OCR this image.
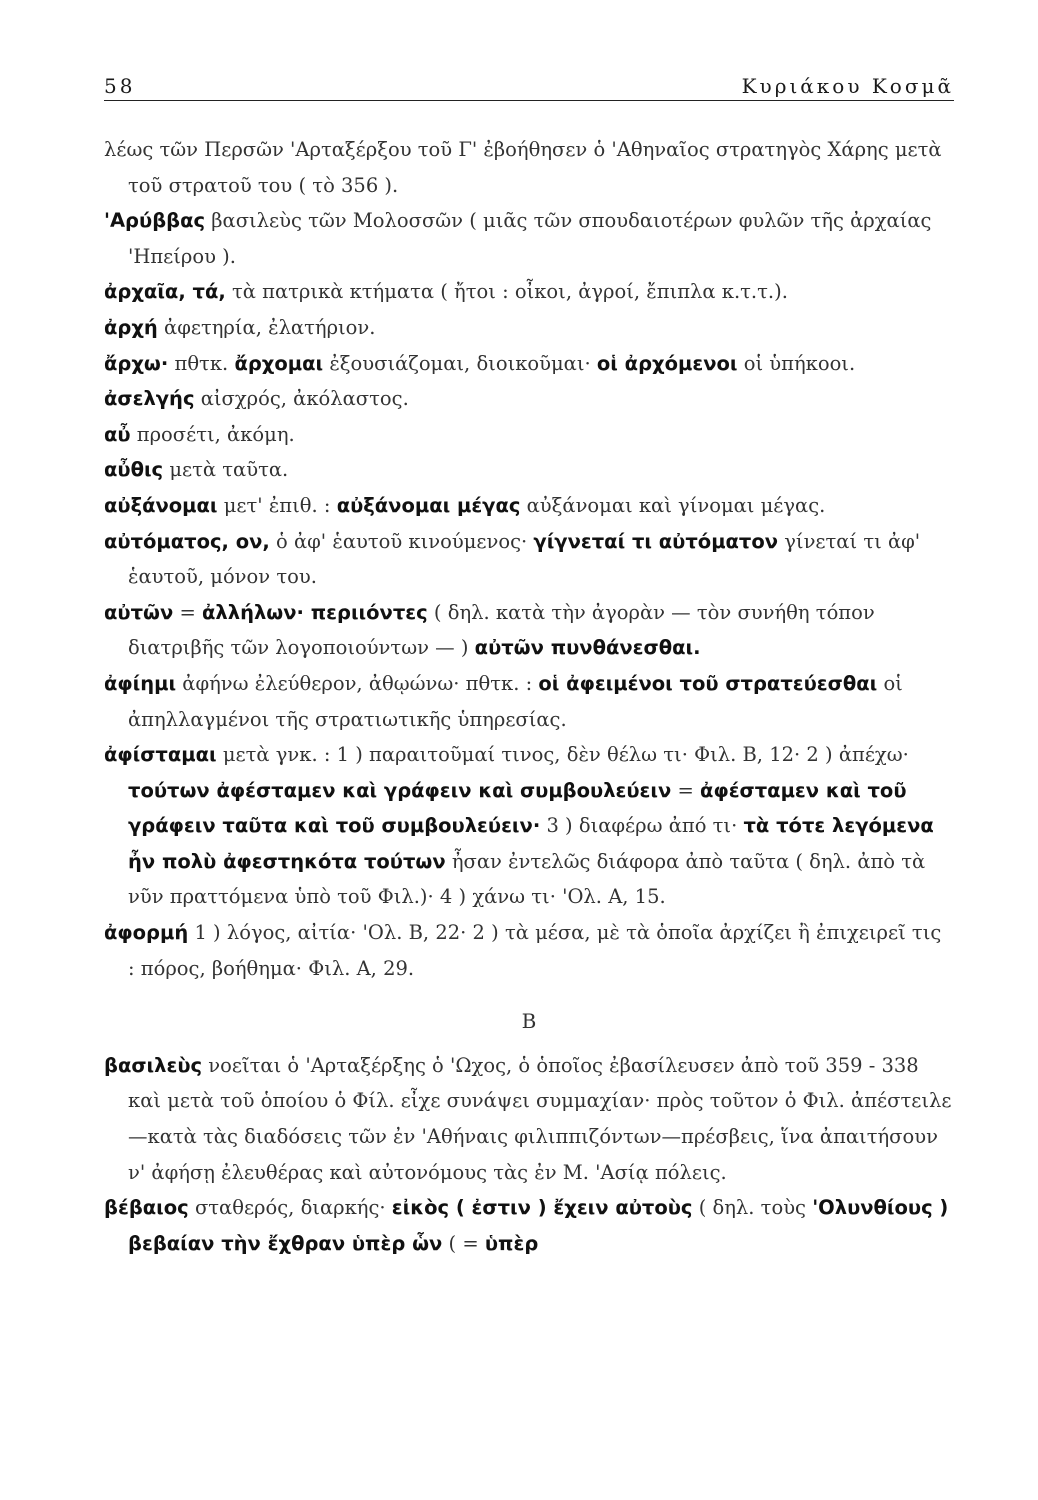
58	Κυριάκου Κοσμᾶ

λέως τῶν Περσῶν 'Αρταξέρξου τοῦ Γ' ἐβοήθησεν ὁ 'Αθηναῖος στρατηγὸς Χάρης μετὰ τοῦ στρατοῦ του ( τὸ 356 ).

'Αρύββας βασιλεὺς τῶν Μολοσσῶν ( μιᾶς τῶν σπουδαιοτέρων φυλῶν τῆς ἀρχαίας 'Ηπείρου ).

ἀρχαῖα, τά, τὰ πατρικὰ κτήματα ( ἤτοι : οἶκοι, ἀγροί, ἔπιπλα κ.τ.τ.).

ἀρχή ἀφετηρία, ἐλατήριον.

ἄρχω· πθτκ. ἄρχομαι ἐξουσιάζομαι, διοικοῦμαι· οἱ ἀρχόμενοι οἱ ὑπήκοοι.

ἀσελγής αἰσχρός, ἀκόλαστος.

αὖ προσέτι, ἀκόμη.

αὖθις μετὰ ταῦτα.

αὐξάνομαι μετ' ἐπιθ. : αὐξάνομαι μέγας αὐξάνομαι καὶ γίνομαι μέγας.

αὐτόματος, ον, ὁ ἀφ' ἑαυτοῦ κινούμενος· γίγνεταί τι αὐτόματον γίνεταί τι ἀφ' ἑαυτοῦ, μόνον του.

αὐτῶν = ἀλλήλων· περιιόντες ( δηλ. κατὰ τὴν ἀγορὰν — τὸν συνήθη τόπον διατριβῆς τῶν λογοποιούντων — ) αὐτῶν πυνθάνεσθαι.

ἀφίημι ἀφήνω ἐλεύθερον, ἀθῳώνω· πθτκ. : οἱ ἀφειμένοι τοῦ στρατεύεσθαι οἱ ἀπηλλαγμένοι τῆς στρατιωτικῆς ὑπηρεσίας.

ἀφίσταμαι μετὰ γνκ. : 1 ) παραιτοῦμαί τινος, δὲν θέλω τι· Φιλ. Β, 12· 2 ) ἀπέχω· τούτων ἀφέσταμεν καὶ γράφειν καὶ συμβουλεύειν = ἀφέσταμεν καὶ τοῦ γράφειν ταῦτα καὶ τοῦ συμβουλεύειν· 3 ) διαφέρω ἀπό τι· τὰ τότε λεγόμενα ἦν πολὺ ἀφεστηκότα τούτων ἦσαν ἐντελῶς διάφορα ἀπὸ ταῦτα ( δηλ. ἀπὸ τὰ νῦν πραττόμενα ὑπὸ τοῦ Φιλ.)· 4 ) χάνω τι· 'Ολ. Α, 15.

ἀφορμή 1 ) λόγος, αἰτία· 'Ολ. Β, 22· 2 ) τὰ μέσα, μὲ τὰ ὁποῖα ἀρχίζει ἢ ἐπιχειρεῖ τις : πόρος, βοήθημα· Φιλ. Α, 29.

Β

βασιλεὺς νοεῖται ὁ 'Αρταξέρξης ὁ 'Ωχος, ὁ ὁποῖος ἐβασίλευσεν ἀπὸ τοῦ 359 - 338 καὶ μετὰ τοῦ ὁποίου ὁ Φίλ. εἶχε συνάψει συμμαχίαν· πρὸς τοῦτον ὁ Φιλ. ἀπέστειλε—κατὰ τὰς διαδόσεις τῶν ἐν 'Αθήναις φιλιππιζόντων—πρέσβεις, ἵνα ἀπαιτήσουν ν' ἀφήσῃ ἐλευθέρας καὶ αὐτονόμους τὰς ἐν Μ. 'Ασίᾳ πόλεις.

βέβαιος σταθερός, διαρκής· εἰκὸς ( ἐστιν ) ἔχειν αὐτοὺς ( δηλ. τοὺς 'Ολυνθίους ) βεβαίαν τὴν ἔχθραν ὑπὲρ ὧν ( = ὑπὲρ
